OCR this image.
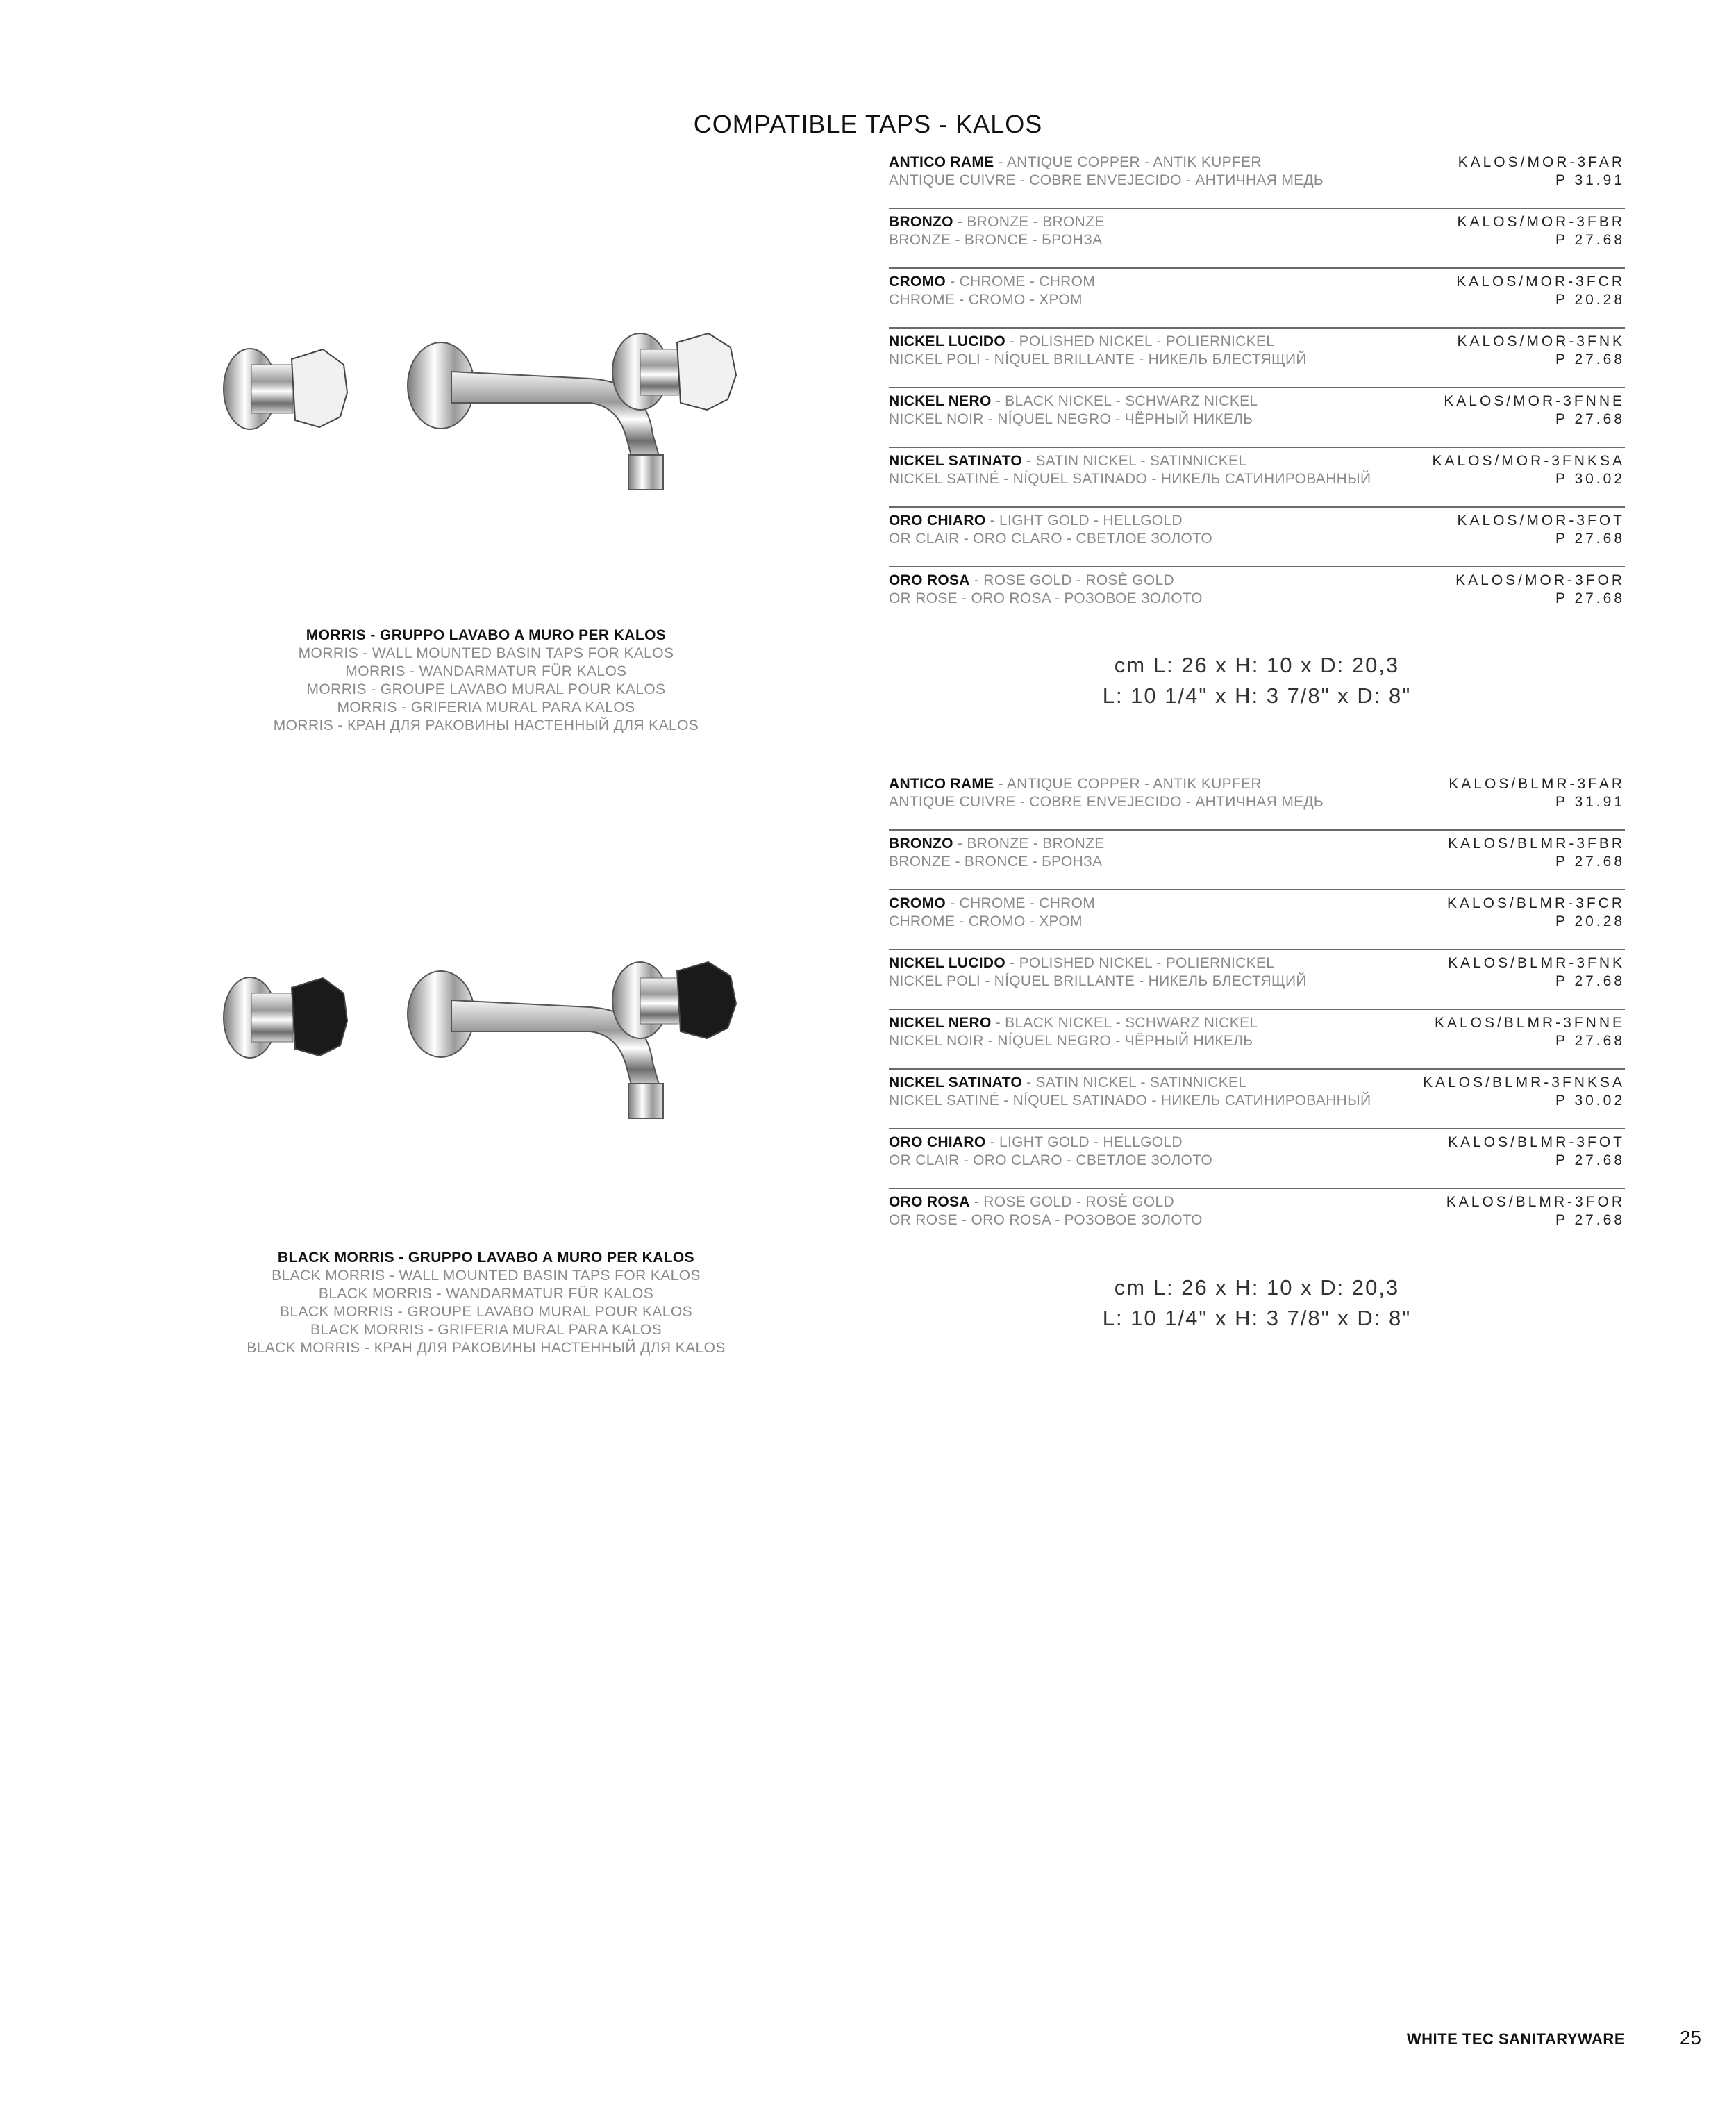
COMPATIBLE TAPS - KALOS
ANTICO RAME - ANTIQUE COPPER - ANTIK KUPFER
ANTIQUE CUIVRE - COBRE ENVEJECIDO - АНТИЧНАЯ МЕДЬ
KALOS/MOR-3FAR
P 31.91
BRONZO - BRONZE - BRONZE
BRONZE - BRONCE - БРОНЗА
KALOS/MOR-3FBR
P 27.68
CROMO - CHROME - CHROM
CHROME - CROMO - ХРОМ
KALOS/MOR-3FCR
P 20.28
NICKEL LUCIDO - POLISHED NICKEL - POLIERNICKEL
NICKEL POLI - NÍQUEL BRILLANTE - НИКЕЛЬ БЛЕСТЯЩИЙ
KALOS/MOR-3FNK
P 27.68
NICKEL NERO - BLACK NICKEL - SCHWARZ NICKEL
NICKEL NOIR - NÍQUEL NEGRO - ЧЁРНЫЙ НИКЕЛЬ
KALOS/MOR-3FNNE
P 27.68
NICKEL SATINATO - SATIN NICKEL - SATINNICKEL
NICKEL SATINÉ - NÍQUEL SATINADO - НИКЕЛЬ САТИНИРОВАННЫЙ
KALOS/MOR-3FNKSA
P 30.02
ORO CHIARO - LIGHT GOLD - HELLGOLD
OR CLAIR - ORO CLARO - СВЕТЛОЕ ЗОЛОТО
KALOS/MOR-3FOT
P 27.68
ORO ROSA - ROSE GOLD - ROSÈ GOLD
OR ROSE - ORO ROSA - РОЗОВОЕ ЗОЛОТО
KALOS/MOR-3FOR
P 27.68
MORRIS - GRUPPO LAVABO A MURO PER KALOS
MORRIS - WALL MOUNTED BASIN TAPS FOR KALOS
MORRIS - WANDARMATUR FÜR KALOS
MORRIS - GROUPE LAVABO MURAL POUR KALOS
MORRIS - GRIFERIA MURAL PARA KALOS
MORRIS - КРАН ДЛЯ РАКОВИНЫ НАСТЕННЫЙ ДЛЯ KALOS
cm L: 26 x H: 10 x D: 20,3
L: 10 1/4" x H: 3 7/8" x D: 8"
ANTICO RAME - ANTIQUE COPPER - ANTIK KUPFER
ANTIQUE CUIVRE - COBRE ENVEJECIDO - АНТИЧНАЯ МЕДЬ
KALOS/BLMR-3FAR
P 31.91
BRONZO - BRONZE - BRONZE
BRONZE - BRONCE - БРОНЗА
KALOS/BLMR-3FBR
P 27.68
CROMO - CHROME - CHROM
CHROME - CROMO - ХРОМ
KALOS/BLMR-3FCR
P 20.28
NICKEL LUCIDO - POLISHED NICKEL - POLIERNICKEL
NICKEL POLI - NÍQUEL BRILLANTE - НИКЕЛЬ БЛЕСТЯЩИЙ
KALOS/BLMR-3FNK
P 27.68
NICKEL NERO - BLACK NICKEL - SCHWARZ NICKEL
NICKEL NOIR - NÍQUEL NEGRO - ЧЁРНЫЙ НИКЕЛЬ
KALOS/BLMR-3FNNE
P 27.68
NICKEL SATINATO - SATIN NICKEL - SATINNICKEL
NICKEL SATINÉ - NÍQUEL SATINADO - НИКЕЛЬ САТИНИРОВАННЫЙ
KALOS/BLMR-3FNKSA
P 30.02
ORO CHIARO - LIGHT GOLD - HELLGOLD
OR CLAIR - ORO CLARO - СВЕТЛОЕ ЗОЛОТО
KALOS/BLMR-3FOT
P 27.68
ORO ROSA - ROSE GOLD - ROSÈ GOLD
OR ROSE - ORO ROSA - РОЗОВОЕ ЗОЛОТО
KALOS/BLMR-3FOR
P 27.68
BLACK MORRIS - GRUPPO LAVABO A MURO PER KALOS
BLACK MORRIS - WALL MOUNTED BASIN TAPS FOR KALOS
BLACK MORRIS - WANDARMATUR FÜR KALOS
BLACK MORRIS - GROUPE LAVABO MURAL POUR KALOS
BLACK MORRIS - GRIFERIA MURAL PARA KALOS
BLACK MORRIS - КРАН ДЛЯ РАКОВИНЫ НАСТЕННЫЙ ДЛЯ KALOS
cm L: 26 x H: 10 x D: 20,3
L: 10 1/4" x H: 3 7/8" x D: 8"
WHITE TEC SANITARYWARE	25
